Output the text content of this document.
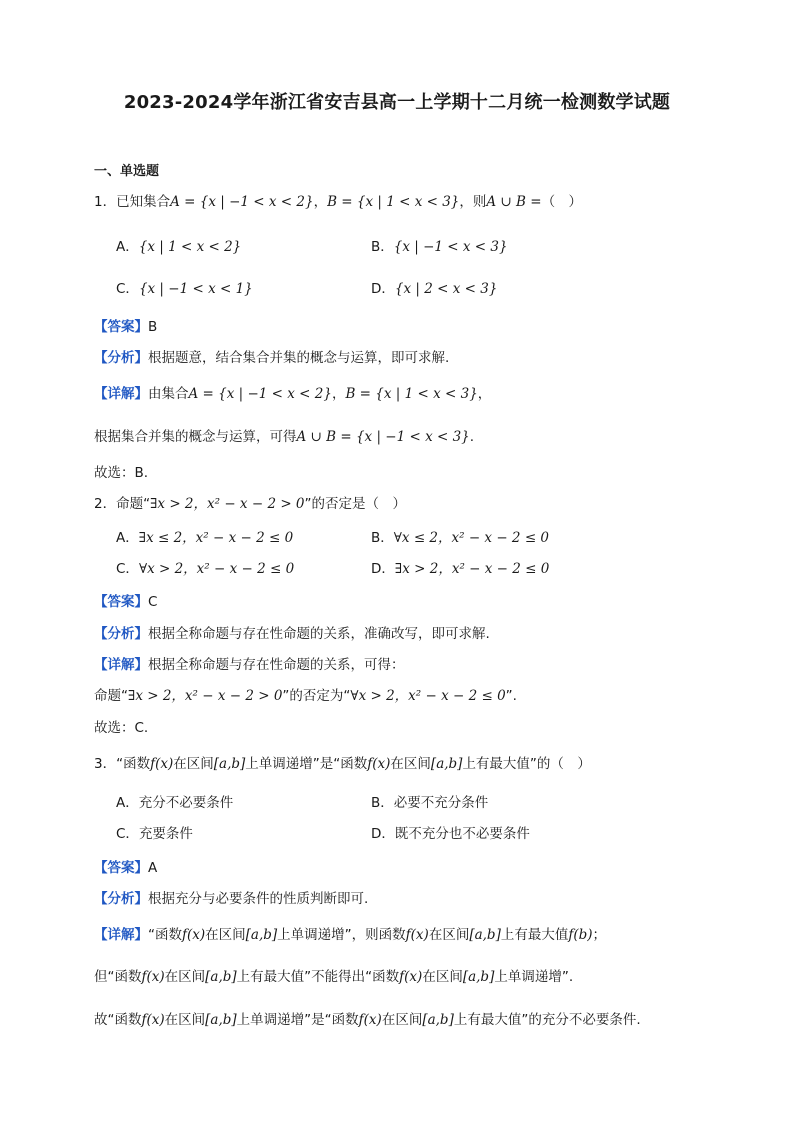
2023-2024学年浙江省安吉县高一上学期十二月统一检测数学试题
一、单选题
1．已知集合A = {x | −1 < x < 2}，B = {x | 1 < x < 3}，则A ∪ B =（　）
A．{x | 1 < x < 2}	B．{x | −1 < x < 3}
C．{x | −1 < x < 1}	D．{x | 2 < x < 3}
【答案】B
【分析】根据题意，结合集合并集的概念与运算，即可求解.
【详解】由集合A = {x | −1 < x < 2}，B = {x | 1 < x < 3}，
根据集合并集的概念与运算，可得A ∪ B = {x | −1 < x < 3}.
故选：B.
2．命题“∃x > 2，x² − x − 2 > 0”的否定是（　）
A．∃x ≤ 2，x² − x − 2 ≤ 0	B．∀x ≤ 2，x² − x − 2 ≤ 0
C．∀x > 2，x² − x − 2 ≤ 0	D．∃x > 2，x² − x − 2 ≤ 0
【答案】C
【分析】根据全称命题与存在性命题的关系，准确改写，即可求解.
【详解】根据全称命题与存在性命题的关系，可得：
命题“∃x > 2，x² − x − 2 > 0”的否定为“∀x > 2，x² − x − 2 ≤ 0”.
故选：C.
3．“函数f(x)在区间[a,b]上单调递增”是“函数f(x)在区间[a,b]上有最大值”的（　）
A．充分不必要条件	B．必要不充分条件
C．充要条件	D．既不充分也不必要条件
【答案】A
【分析】根据充分与必要条件的性质判断即可.
【详解】“函数f(x)在区间[a,b]上单调递增”，则函数f(x)在区间[a,b]上有最大值f(b)；
但“函数f(x)在区间[a,b]上有最大值”不能得出“函数f(x)在区间[a,b]上单调递增”.
故“函数f(x)在区间[a,b]上单调递增”是“函数f(x)在区间[a,b]上有最大值”的充分不必要条件.
